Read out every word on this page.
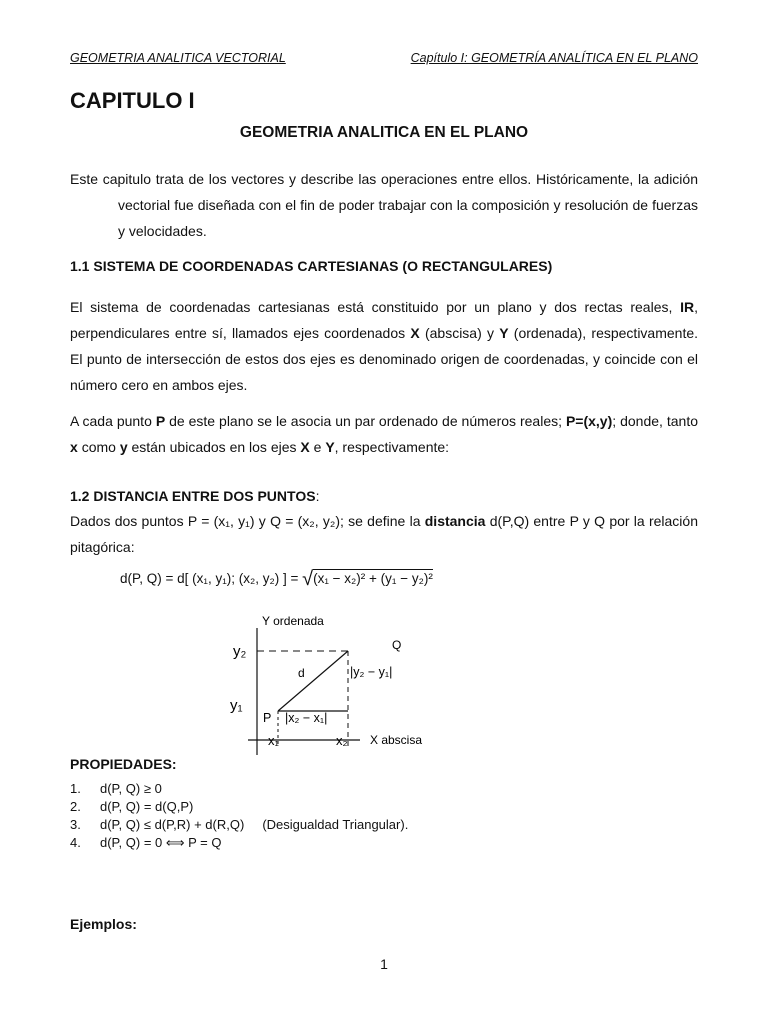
GEOMETRIA ANALITICA VECTORIAL	Capítulo I: GEOMETRÍA ANALÍTICA EN EL PLANO
CAPITULO I
GEOMETRIA ANALITICA EN EL PLANO
Este capitulo trata de los vectores y describe las operaciones entre ellos. Históricamente, la adición vectorial fue diseñada con el fin de poder trabajar con la composición y resolución de fuerzas y velocidades.
1.1 SISTEMA DE COORDENADAS CARTESIANAS (O RECTANGULARES)
El sistema de coordenadas cartesianas está constituido por un plano y dos rectas reales, IR, perpendiculares entre sí, llamados ejes coordenados X (abscisa) y Y (ordenada), respectivamente. El punto de intersección de estos dos ejes es denominado origen de coordenadas, y coincide con el número cero en ambos ejes.
A cada punto P de este plano se le asocia un par ordenado de números reales; P=(x,y); donde, tanto x como y están ubicados en los ejes X e Y, respectivamente:
1.2 DISTANCIA ENTRE DOS PUNTOS:
Dados dos puntos P = (x₁, y₁) y Q = (x₂, y₂); se define la distancia d(P,Q) entre P y Q por la relación pitagórica:
d(P, Q) = d[ (x₁, y₁); (x₂, y₂) ] = √(x₁ − x₂)² + (y₁ − y₂)²
Y ordenada
y₂
y₁
Q
d	|y₂ − y₁|
P |x₂ − x₁|
x₁	x₂ X abscisa
PROPIEDADES:
1.	d(P, Q) ≥ 0
2.	d(P, Q) = d(Q,P)
3.	d(P, Q) ≤ d(P,R) + d(R,Q)     (Desigualdad Triangular).
4.	d(P, Q) = 0 ⟺ P = Q
Ejemplos:
1
